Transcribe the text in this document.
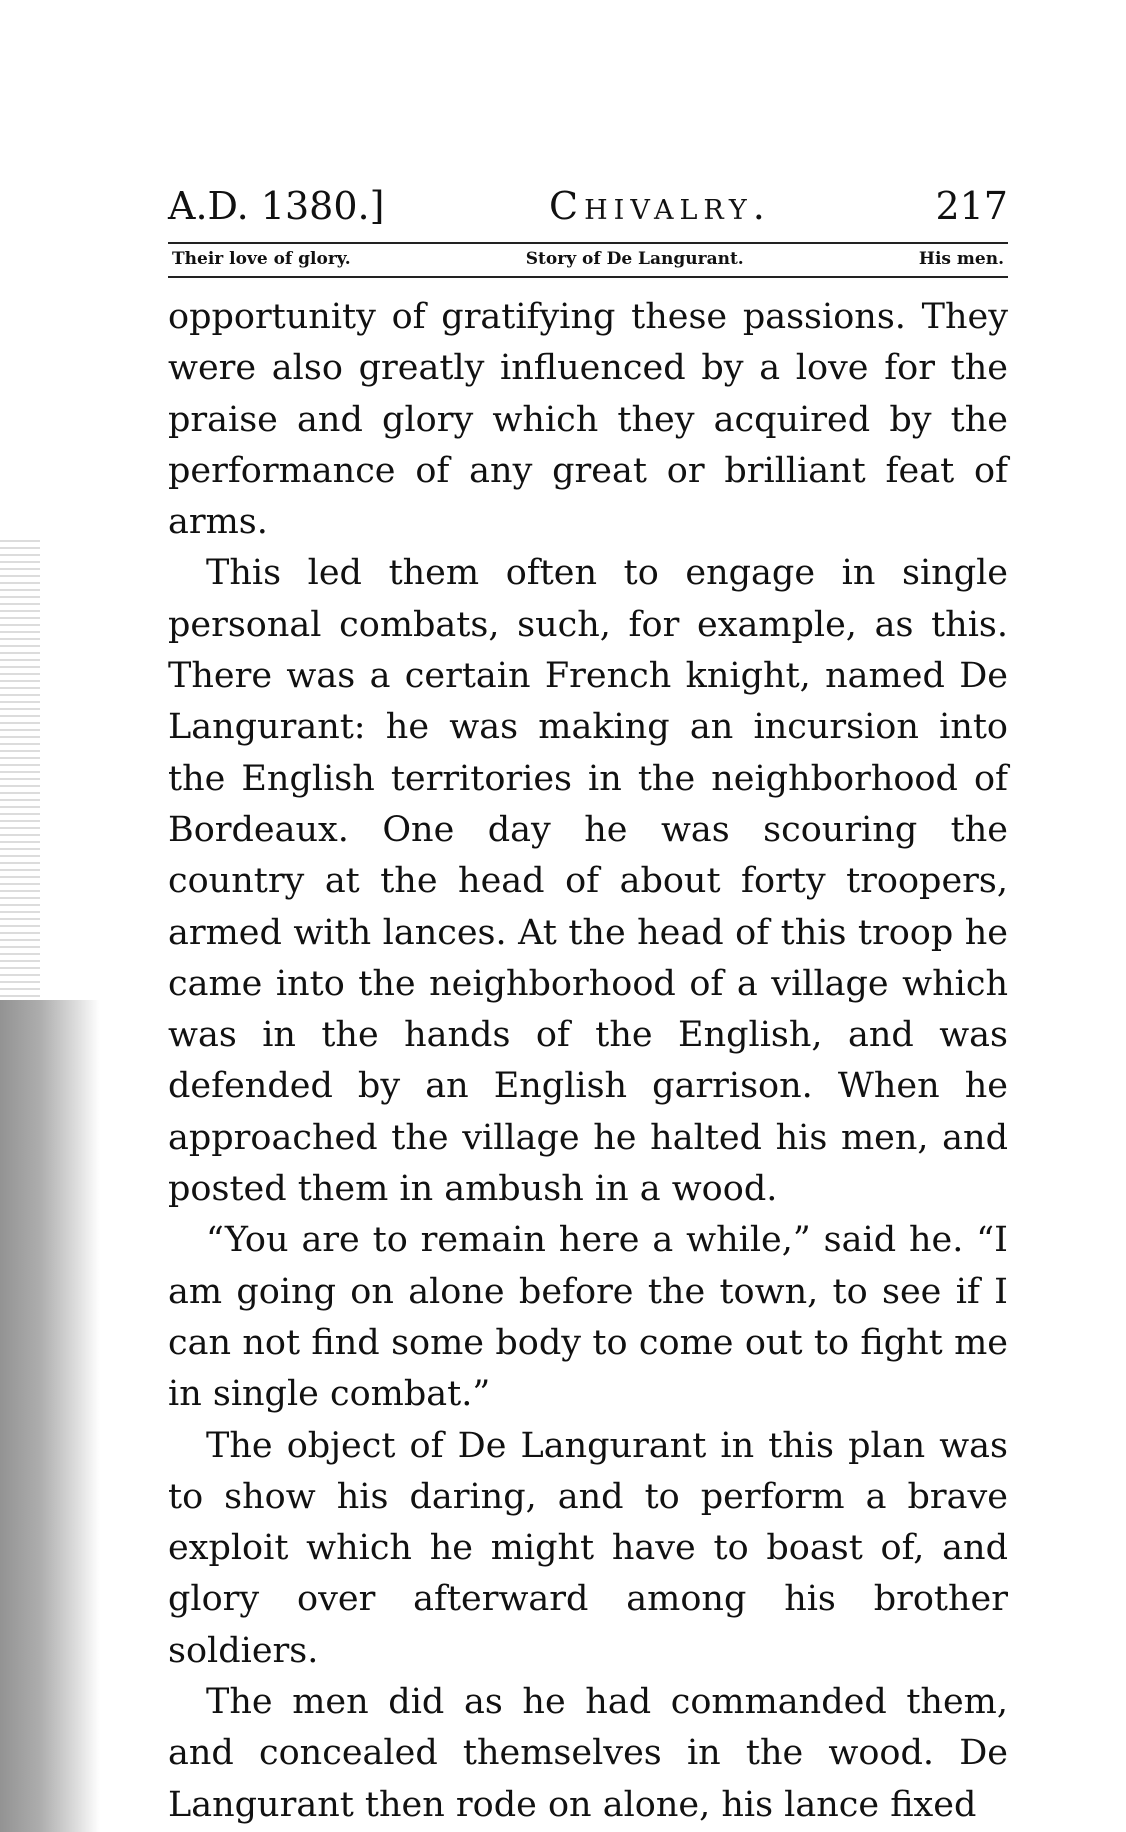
A.D. 1380.]	Chivalry.	217
Their love of glory.	Story of De Langurant.	His men.

opportunity of gratifying these passions. They were also greatly influenced by a love for the praise and glory which they acquired by the performance of any great or brilliant feat of arms.

This led them often to engage in single personal combats, such, for example, as this. There was a certain French knight, named De Langurant: he was making an incursion into the English territories in the neighborhood of Bordeaux. One day he was scouring the country at the head of about forty troopers, armed with lances. At the head of this troop he came into the neighborhood of a village which was in the hands of the English, and was defended by an English garrison. When he approached the village he halted his men, and posted them in ambush in a wood.

“You are to remain here a while,” said he. “I am going on alone before the town, to see if I can not find some body to come out to fight me in single combat.”

The object of De Langurant in this plan was to show his daring, and to perform a brave exploit which he might have to boast of, and glory over afterward among his brother soldiers.

The men did as he had commanded them, and concealed themselves in the wood. De Langurant then rode on alone, his lance fixed
